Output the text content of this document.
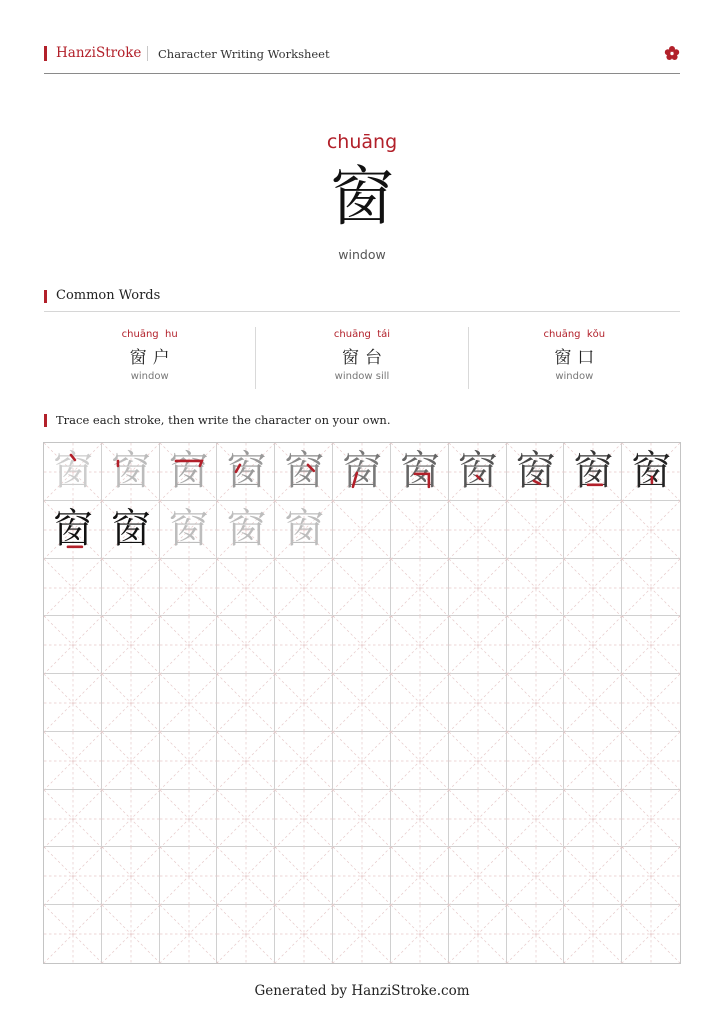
HanziStroke Character Writing Worksheet
chuāng
窗
window
Common Words
chuāng  hu
窗户
window
chuāng  tái
窗台
window sill
chuāng  kǒu
窗口
window
Trace each stroke, then write the character on your own.
窗 窗 窗 窗 窗 窗 窗 窗 窗 窗 窗
窗 窗 窗 窗 窗
Generated by HanziStroke.com
